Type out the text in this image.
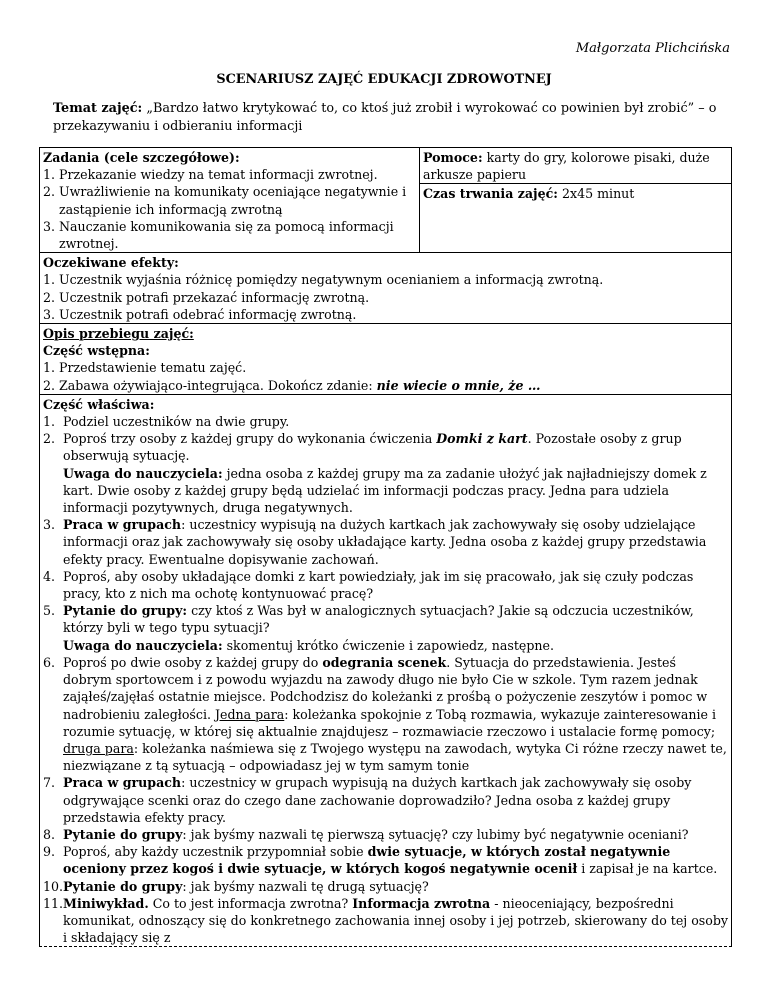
Małgorzata Plichcińska
SCENARIUSZ ZAJĘĆ EDUKACJI ZDROWOTNEJ
Temat zajęć: „Bardzo łatwo krytykować to, co ktoś już zrobił i wyrokować co powinien był zrobić” – o przekazywaniu i odbieraniu informacji
Zadania (cele szczegółowe):
1. Przekazanie wiedzy na temat informacji zwrotnej.
2. Uwrażliwienie na komunikaty oceniające negatywnie i zastąpienie ich informacją zwrotną
3. Nauczanie komunikowania się za pomocą informacji zwrotnej.
Pomoce: karty do gry, kolorowe pisaki, duże arkusze papieru
Czas trwania zajęć: 2x45 minut
Oczekiwane efekty:
1. Uczestnik wyjaśnia różnicę pomiędzy negatywnym ocenianiem a informacją zwrotną.
2. Uczestnik potrafi przekazać informację zwrotną.
3. Uczestnik potrafi odebrać informację zwrotną.
Opis przebiegu zajęć:
Część wstępna:
1. Przedstawienie tematu zajęć.
2. Zabawa ożywiająco-integrująca. Dokończ zdanie: nie wiecie o mnie, że …
Część właściwa:
1. Podziel uczestników na dwie grupy.
2. Poproś trzy osoby z każdej grupy do wykonania ćwiczenia Domki z kart. Pozostałe osoby z grup obserwują sytuację.
Uwaga do nauczyciela: jedna osoba z każdej grupy ma za zadanie ułożyć jak najładniejszy domek z kart. Dwie osoby z każdej grupy będą udzielać im informacji podczas pracy. Jedna para udziela informacji pozytywnych, druga negatywnych.
3. Praca w grupach: uczestnicy wypisują na dużych kartkach jak zachowywały się osoby udzielające informacji oraz jak zachowywały się osoby układające karty. Jedna osoba z każdej grupy przedstawia efekty pracy. Ewentualne dopisywanie zachowań.
4. Poproś, aby osoby układające domki z kart powiedziały, jak im się pracowało, jak się czuły podczas pracy, kto z nich ma ochotę kontynuować pracę?
5. Pytanie do grupy: czy ktoś z Was był w analogicznych sytuacjach? Jakie są odczucia uczestników, którzy byli w tego typu sytuacji?
Uwaga do nauczyciela: skomentuj krótko ćwiczenie i zapowiedz, następne.
6. Poproś po dwie osoby z każdej grupy do odegrania scenek. Sytuacja do przedstawienia. Jesteś dobrym sportowcem i z powodu wyjazdu na zawody długo nie było Cie w szkole. Tym razem jednak zająłeś/zajęłaś ostatnie miejsce. Podchodzisz do koleżanki z prośbą o pożyczenie zeszytów i pomoc w nadrobieniu zaległości. Jedna para: koleżanka spokojnie z Tobą rozmawia, wykazuje zainteresowanie i rozumie sytuację, w której się aktualnie znajdujesz – rozmawiacie rzeczowo i ustalacie formę pomocy; druga para: koleżanka naśmiewa się z Twojego występu na zawodach, wytyka Ci różne rzeczy nawet te, niezwiązane z tą sytuacją – odpowiadasz jej w tym samym tonie
7. Praca w grupach: uczestnicy w grupach wypisują na dużych kartkach jak zachowywały się osoby odgrywające scenki oraz do czego dane zachowanie doprowadziło? Jedna osoba z każdej grupy przedstawia efekty pracy.
8. Pytanie do grupy: jak byśmy nazwali tę pierwszą sytuację? czy lubimy być negatywnie oceniani?
9. Poproś, aby każdy uczestnik przypomniał sobie dwie sytuacje, w których został negatywnie oceniony przez kogoś i dwie sytuacje, w których kogoś negatywnie ocenił i zapisał je na kartce.
10. Pytanie do grupy: jak byśmy nazwali tę drugą sytuację?
11. Miniwykład. Co to jest informacja zwrotna? Informacja zwrotna - nieoceniający, bezpośredni komunikat, odnoszący się do konkretnego zachowania innej osoby i jej potrzeb, skierowany do tej osoby i składający się z
